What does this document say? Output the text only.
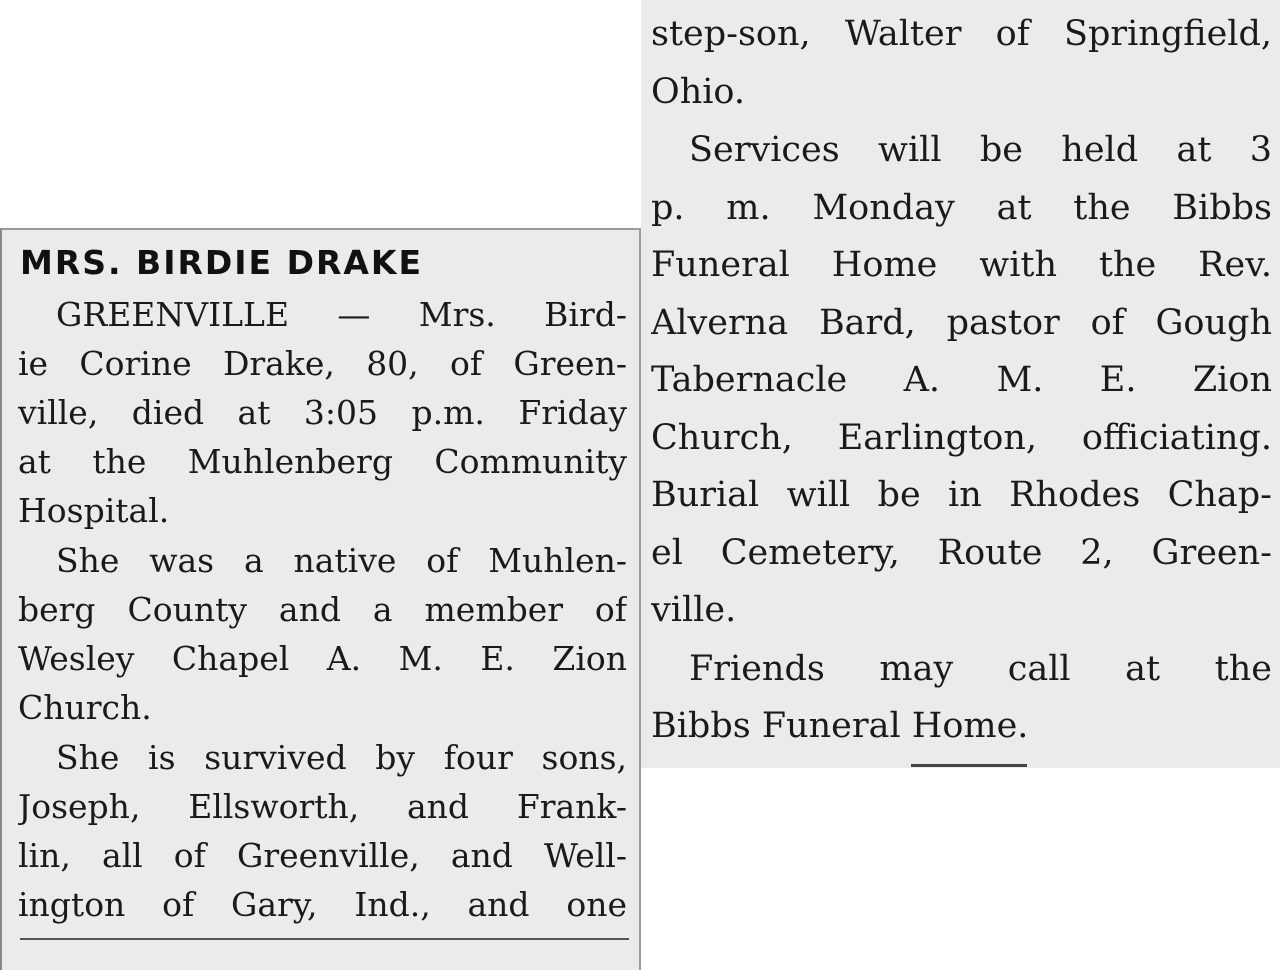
MRS. BIRDIE DRAKE
GREENVILLE — Mrs. Bird-
ie Corine Drake, 80, of Green-
ville, died at 3:05 p.m. Friday
at the Muhlenberg Community
Hospital.
She was a native of Muhlen-
berg County and a member of
Wesley Chapel A. M. E. Zion
Church.
She is survived by four sons,
Joseph, Ellsworth, and Frank-
lin, all of Greenville, and Well-
ington of Gary, Ind., and one
step-son, Walter of Springfield,
Ohio.
Services will be held at 3
p. m. Monday at the Bibbs
Funeral Home with the Rev.
Alverna Bard, pastor of Gough
Tabernacle A. M. E. Zion
Church, Earlington, officiating.
Burial will be in Rhodes Chap-
el Cemetery, Route 2, Green-
ville.
Friends may call at the
Bibbs Funeral Home.
